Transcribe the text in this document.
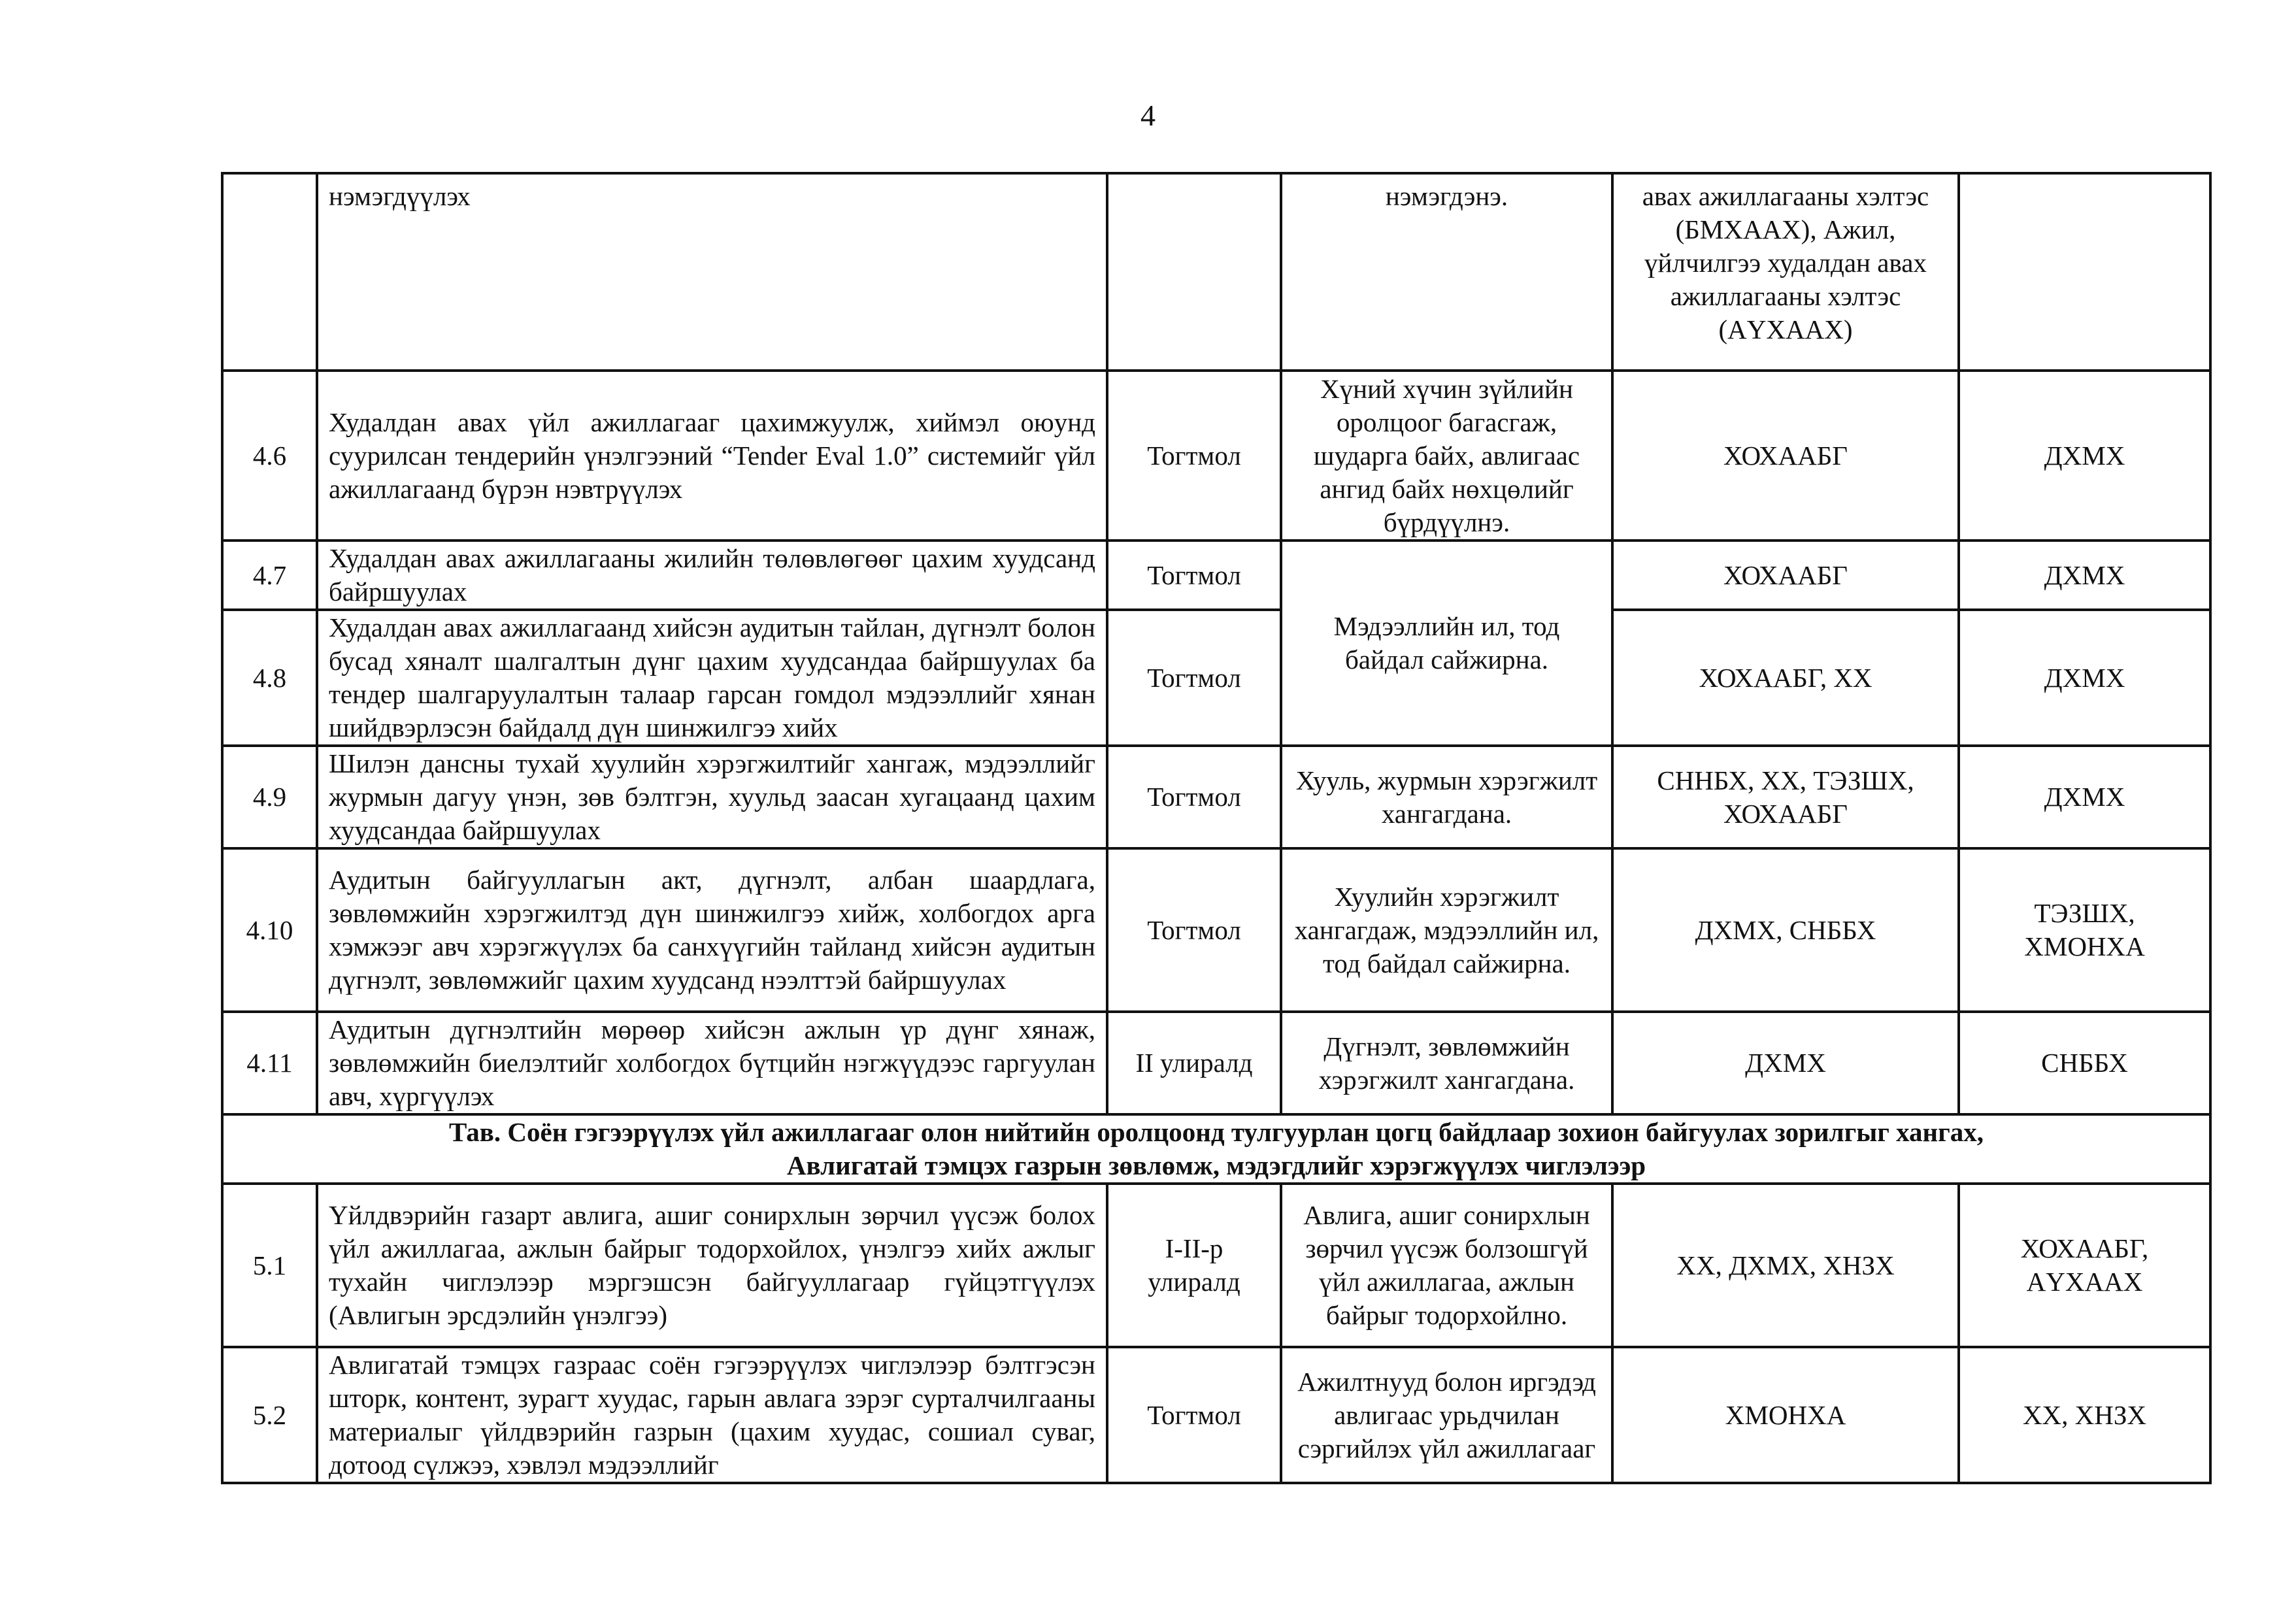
4
	нэмэгдүүлэх		нэмэгдэнэ.	авах ажиллагааны хэлтэс (БМХААХ), Ажил, үйлчилгээ худалдан авах ажиллагааны хэлтэс (АҮХААХ)	
4.6	Худалдан авах үйл ажиллагааг цахимжуулж, хиймэл оюунд суурилсан тендерийн үнэлгээний “Tender Eval 1.0” системийг үйл ажиллагаанд бүрэн нэвтрүүлэх	Тогтмол	Хүний хүчин зүйлийн оролцоог багасгаж, шударга байх, авлигаас ангид байх нөхцөлийг бүрдүүлнэ.	ХОХААБГ	ДХМХ
4.7	Худалдан авах ажиллагааны жилийн төлөвлөгөөг цахим хуудсанд байршуулах	Тогтмол	Мэдээллийн ил, тод байдал сайжирна.	ХОХААБГ	ДХМХ
4.8	Худалдан авах ажиллагаанд хийсэн аудитын тайлан, дүгнэлт болон бусад хяналт шалгалтын дүнг цахим хуудсандаа байршуулах ба тендер шалгаруулалтын талаар гарсан гомдол мэдээллийг хянан шийдвэрлэсэн байдалд дүн шинжилгээ хийх	Тогтмол		ХОХААБГ, ХХ	ДХМХ
4.9	Шилэн дансны тухай хуулийн хэрэгжилтийг хангаж, мэдээллийг журмын дагуу үнэн, зөв бэлтгэн, хуульд заасан хугацаанд цахим хуудсандаа байршуулах	Тогтмол	Хууль, журмын хэрэгжилт хангагдана.	СННБХ, ХХ, ТЭЗШХ, ХОХААБГ	ДХМХ
4.10	Аудитын байгууллагын акт, дүгнэлт, албан шаардлага, зөвлөмжийн хэрэгжилтэд дүн шинжилгээ хийж, холбогдох арга хэмжээг авч хэрэгжүүлэх ба санхүүгийн тайланд хийсэн аудитын дүгнэлт, зөвлөмжийг цахим хуудсанд нээлттэй байршуулах	Тогтмол	Хуулийн хэрэгжилт хангагдаж, мэдээллийн ил, тод байдал сайжирна.	ДХМХ, СНББХ	ТЭЗШХ, ХМОНХА
4.11	Аудитын дүгнэлтийн мөрөөр хийсэн ажлын үр дүнг хянаж, зөвлөмжийн биелэлтийг холбогдох бүтцийн нэгжүүдээс гаргуулан авч, хүргүүлэх	II улиралд	Дүгнэлт, зөвлөмжийн хэрэгжилт хангагдана.	ДХМХ	СНББХ

Тав. Соён гэгээрүүлэх үйл ажиллагааг олон нийтийн оролцоонд тулгуурлан цогц байдлаар зохион байгуулах зорилгыг хангах,
Авлигатай тэмцэх газрын зөвлөмж, мэдэгдлийг хэрэгжүүлэх чиглэлээр					

5.1	Үйлдвэрийн газарт авлига, ашиг сонирхлын зөрчил үүсэж болох үйл ажиллагаа, ажлын байрыг тодорхойлох, үнэлгээ хийх ажлыг тухайн чиглэлээр мэргэшсэн байгууллагаар гүйцэтгүүлэх (Авлигын эрсдэлийн үнэлгээ)	I-II-р улиралд	Авлига, ашиг сонирхлын зөрчил үүсэж болзошгүй үйл ажиллагаа, ажлын байрыг тодорхойлно.	ХХ, ДХМХ, ХНЗХ	ХОХААБГ, АҮХААХ
5.2	Авлигатай тэмцэх газраас соён гэгээрүүлэх чиглэлээр бэлтгэсэн шторк, контент, зурагт хуудас, гарын авлага зэрэг сурталчилгааны материалыг үйлдвэрийн газрын (цахим хуудас, сошиал суваг, дотоод сүлжээ, хэвлэл мэдээллийг	Тогтмол	Ажилтнууд болон иргэдэд авлигаас урьдчилан сэргийлэх үйл ажиллагааг	ХМОНХА	ХХ, ХНЗХ
